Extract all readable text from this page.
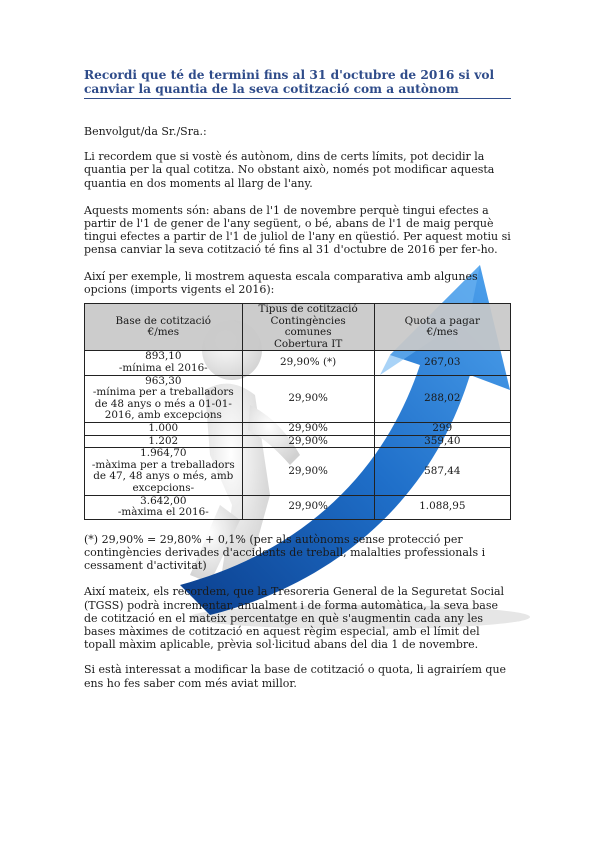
Recordi que té de termini fins al 31 d'octubre de 2016 si vol canviar la quantia de la seva cotització com a autònom

Benvolgut/da Sr./Sra.:

Li recordem que si vostè és autònom, dins de certs límits, pot decidir la quantia per la qual cotitza. No obstant això, només pot modificar aquesta quantia en dos moments al llarg de l'any.

Aquests moments són: abans de l'1 de novembre perquè tingui efectes a partir de l'1 de gener de l'any següent, o bé, abans de l'1 de maig perquè tingui efectes a partir de l'1 de juliol de l'any en qüestió. Per aquest motiu si pensa canviar la seva cotització té fins al 31 d'octubre de 2016 per fer-ho.

Així per exemple, li mostrem aquesta escala comparativa amb algunes opcions (imports vigents el 2016):

Base de cotització
€/mes	Tipus de cotització
Contingències comunes
Cobertura IT	Quota a pagar
€/mes
893,10
-mínima el 2016-	29,90% (*)	267,03
963,30
-mínima per a treballadors
de 48 anys o més a 01-01-
2016, amb excepcions	29,90%	288,02
1.000	29,90%	299
1.202	29,90%	359,40
1.964,70
-màxima per a treballadors
de 47, 48 anys o més, amb
excepcions-	29,90%	587,44
3.642,00
-màxima el 2016-	29,90%	1.088,95

(*) 29,90% = 29,80% + 0,1% (per als autònoms sense protecció per contingències derivades d'accidents de treball, malalties professionals i cessament d'activitat)

Així mateix, els recordem, que la Tresoreria General de la Seguretat Social (TGSS) podrà incrementar, anualment i de forma automàtica, la seva base de cotització en el mateix percentatge en què s'augmentin cada any les bases màximes de cotització en aquest règim especial, amb el límit del topall màxim aplicable, prèvia sol·licitud abans del dia 1 de novembre.

Si està interessat a modificar la base de cotització o quota, li agrairíem que ens ho fes saber com més aviat millor.
